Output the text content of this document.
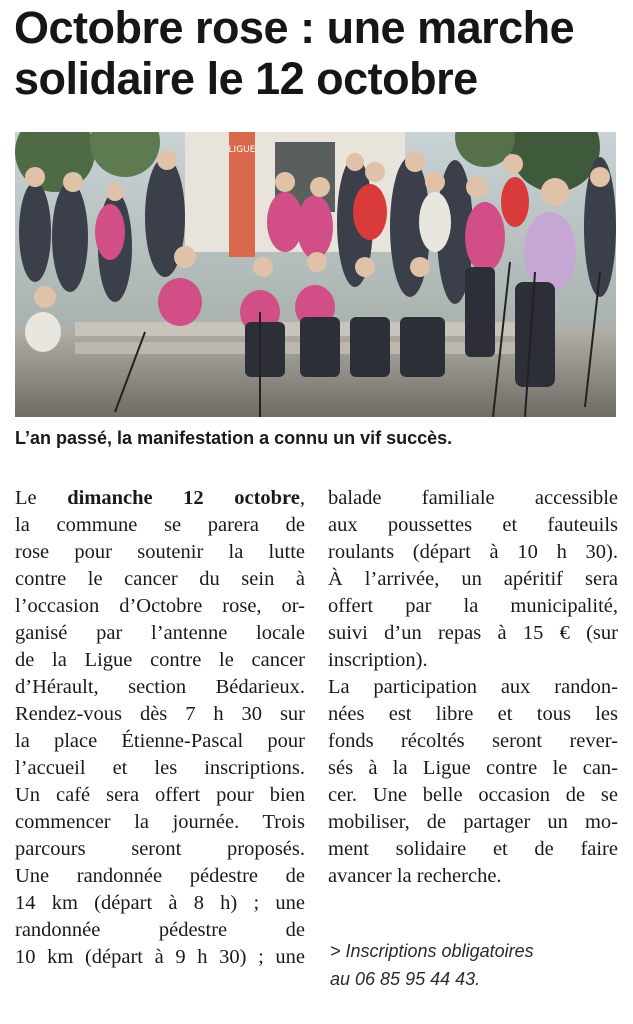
Octobre rose : une marche
solidaire le 12 octobre
LIGUE

L’an passé, la manifestation a connu un vif succès.

Le dimanche 12 octobre,
la commune se parera de
rose pour soutenir la lutte
contre le cancer du sein à
l’occasion d’Octobre rose, or-
ganisé par l’antenne locale
de la Ligue contre le cancer
d’Hérault, section Bédarieux.
Rendez-vous dès 7 h 30 sur
la place Étienne-Pascal pour
l’accueil et les inscriptions.
Un café sera offert pour bien
commencer la journée. Trois
parcours seront proposés.
Une randonnée pédestre de
14 km (départ à 8 h) ; une
randonnée pédestre de
10 km (départ à 9 h 30) ; une
balade familiale accessible
aux poussettes et fauteuils
roulants (départ à 10 h 30).
À l’arrivée, un apéritif sera
offert par la municipalité,
suivi d’un repas à 15 € (sur
inscription).
La participation aux randon-
nées est libre et tous les
fonds récoltés seront rever-
sés à la Ligue contre le can-
cer. Une belle occasion de se
mobiliser, de partager un mo-
ment solidaire et de faire
avancer la recherche.
> Inscriptions obligatoires
au 06 85 95 44 43.
